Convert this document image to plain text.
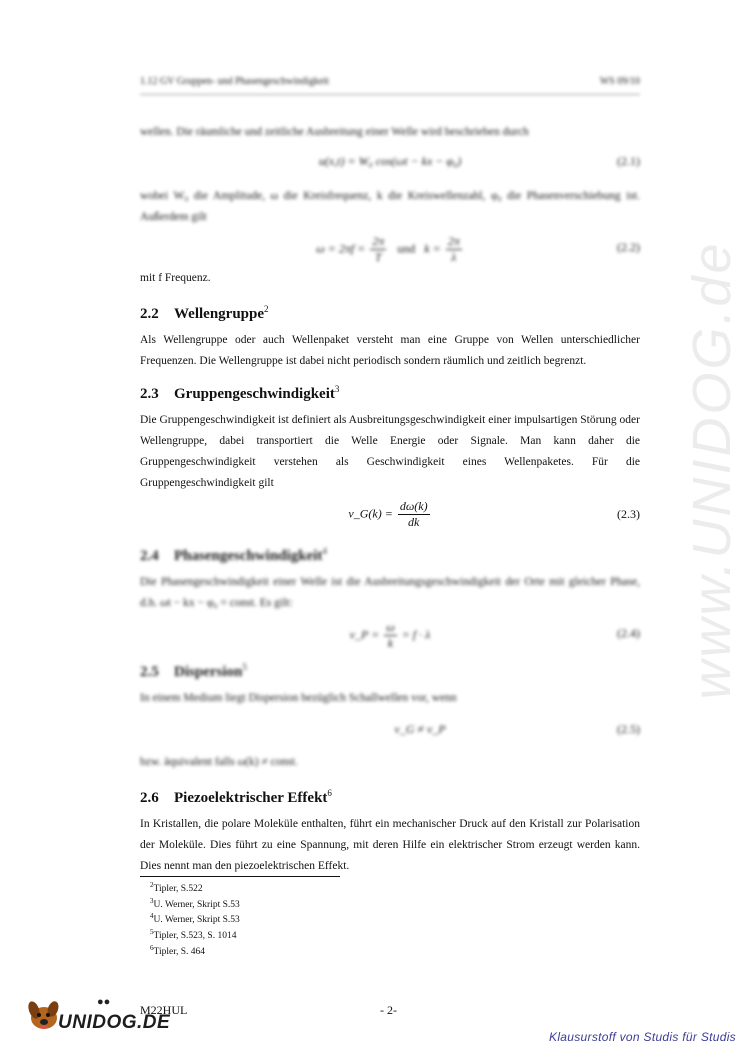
www.UNIDOG.de
1.12 GV Gruppen- und Phasengeschwindigkeit	WS 09/10
wellen. Die räumliche und zeitliche Ausbreitung einer Welle wird beschrieben durch
u(x,t) = W₀ cos(ωt − kx − φ₀)	(2.1)
wobei W₀ die Amplitude, ω die Kreisfrequenz, k die Kreiswellenzahl, φ₀ die Phasenverschiebung ist. Außerdem gilt
$\omega = 2\pi f = \frac{2\pi}{T}$ und $k = \frac{2\pi}{\lambda}$	(2.2)
mit f Frequenz.
2.2 Wellengruppe$^2$
Als Wellengruppe oder auch Wellenpaket versteht man eine Gruppe von Wellen unterschiedlicher Frequenzen. Die Wellengruppe ist dabei nicht periodisch sondern räumlich und zeitlich begrenzt.
2.3 Gruppengeschwindigkeit$^3$
Die Gruppengeschwindigkeit ist definiert als Ausbreitungsgeschwindigkeit einer impulsartigen Störung oder Wellengruppe, dabei transportiert die Welle Energie oder Signale. Man kann daher die Gruppengeschwindigkeit verstehen als Geschwindigkeit eines Wellenpaketes. Für die Gruppengeschwindigkeit gilt
v_G(k) = $\frac{d\omega(k)}{dk}$	(2.3)
2.4 Phasengeschwindigkeit$^4$
Die Phasengeschwindigkeit einer Welle ist die Ausbreitungsgeschwindigkeit der Orte mit gleicher Phase, d.h. ωt − kx − φ₀ = const. Es gilt:
v_P = $\frac{\omega}{k} = f \cdot \lambda$	(2.4)
2.5 Dispersion$^5$
In einem Medium liegt Dispersion bezüglich Schallwellen vor, wenn
v_G ≠ v_P	(2.5)
bzw. äquivalent falls ω(k) ≠ const.
2.6 Piezoelektrischer Effekt$^6$
In Kristallen, die polare Moleküle enthalten, führt ein mechanischer Druck auf den Kristall zur Polarisation der Moleküle. Dies führt zu eine Spannung, mit deren Hilfe ein elektrischer Strom erzeugt werden kann. Dies nennt man den piezoelektrischen Effekt.
$^2$Tipler, S.522
$^3$U. Werner, Skript S.53
$^4$U. Werner, Skript S.53
$^5$Tipler, S.523, S. 1014
$^6$Tipler, S. 464
M22HUL	- 2-
●●
UNIDOG.DE
Klausurstoff von Studis für Studis
